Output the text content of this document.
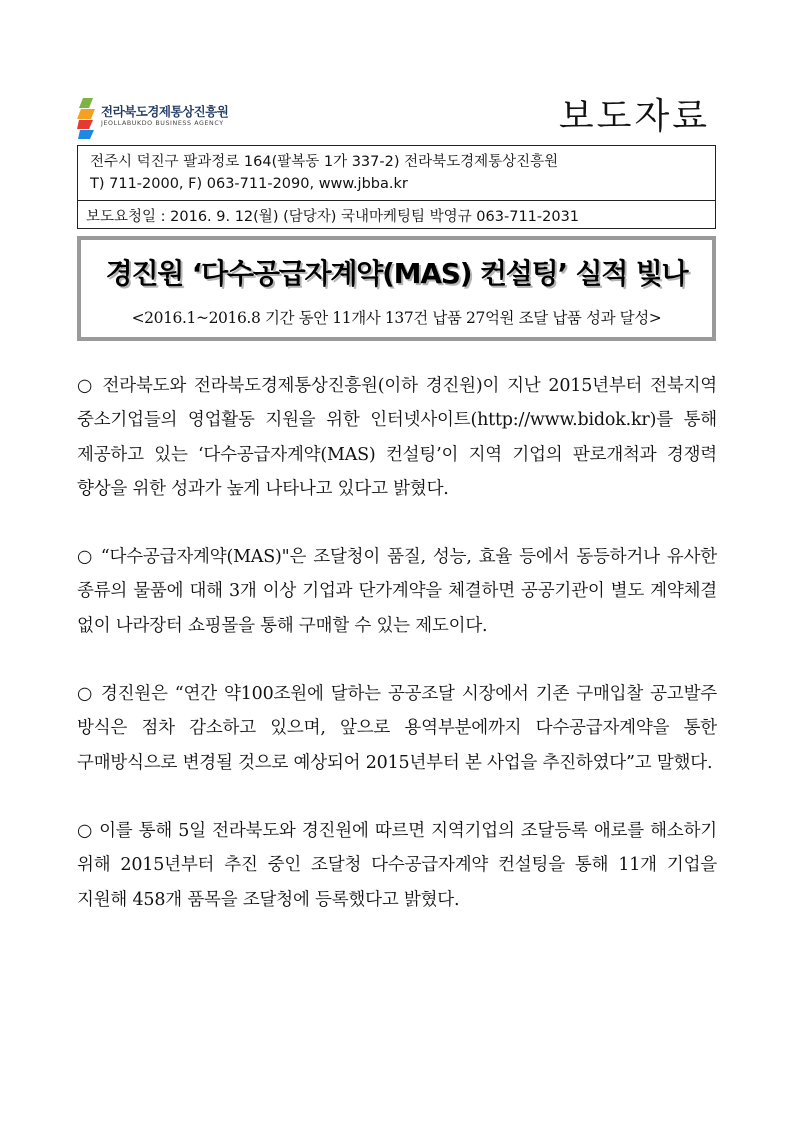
전라북도경제통상진흥원
JEOLLABUKDO BUSINESS AGENCY	보도자료
전주시 덕진구 팔과정로 164(팔복동 1가 337-2) 전라북도경제통상진흥원
T) 711-2000, F) 063-711-2090, www.jbba.kr
보도요청일 : 2016. 9. 12(월) (담당자) 국내마케팅팀 박영규 063-711-2031
경진원 ‘다수공급자계약(MAS) 컨설팅’ 실적 빛나
<2016.1~2016.8 기간 동안 11개사 137건 납품 27억원 조달 납품 성과 달성>

○ 전라북도와 전라북도경제통상진흥원(이하 경진원)이 지난 2015년부터 전북지역 중소기업들의 영업활동 지원을 위한 인터넷사이트(http://www.bidok.kr)를 통해 제공하고 있는 ‘다수공급자계약(MAS) 컨설팅’이 지역 기업의 판로개척과 경쟁력 향상을 위한 성과가 높게 나타나고 있다고 밝혔다.

○ “다수공급자계약(MAS)"은 조달청이 품질, 성능, 효율 등에서 동등하거나 유사한 종류의 물품에 대해 3개 이상 기업과 단가계약을 체결하면 공공기관이 별도 계약체결 없이 나라장터 쇼핑몰을 통해 구매할 수 있는 제도이다.

○ 경진원은 “연간 약100조원에 달하는 공공조달 시장에서 기존 구매입찰 공고발주 방식은 점차 감소하고 있으며, 앞으로 용역부분에까지 다수공급자계약을 통한 구매방식으로 변경될 것으로 예상되어 2015년부터 본 사업을 추진하였다”고 말했다.

○ 이를 통해 5일 전라북도와 경진원에 따르면 지역기업의 조달등록 애로를 해소하기 위해 2015년부터 추진 중인 조달청 다수공급자계약 컨설팅을 통해 11개 기업을 지원해 458개 품목을 조달청에 등록했다고 밝혔다.
